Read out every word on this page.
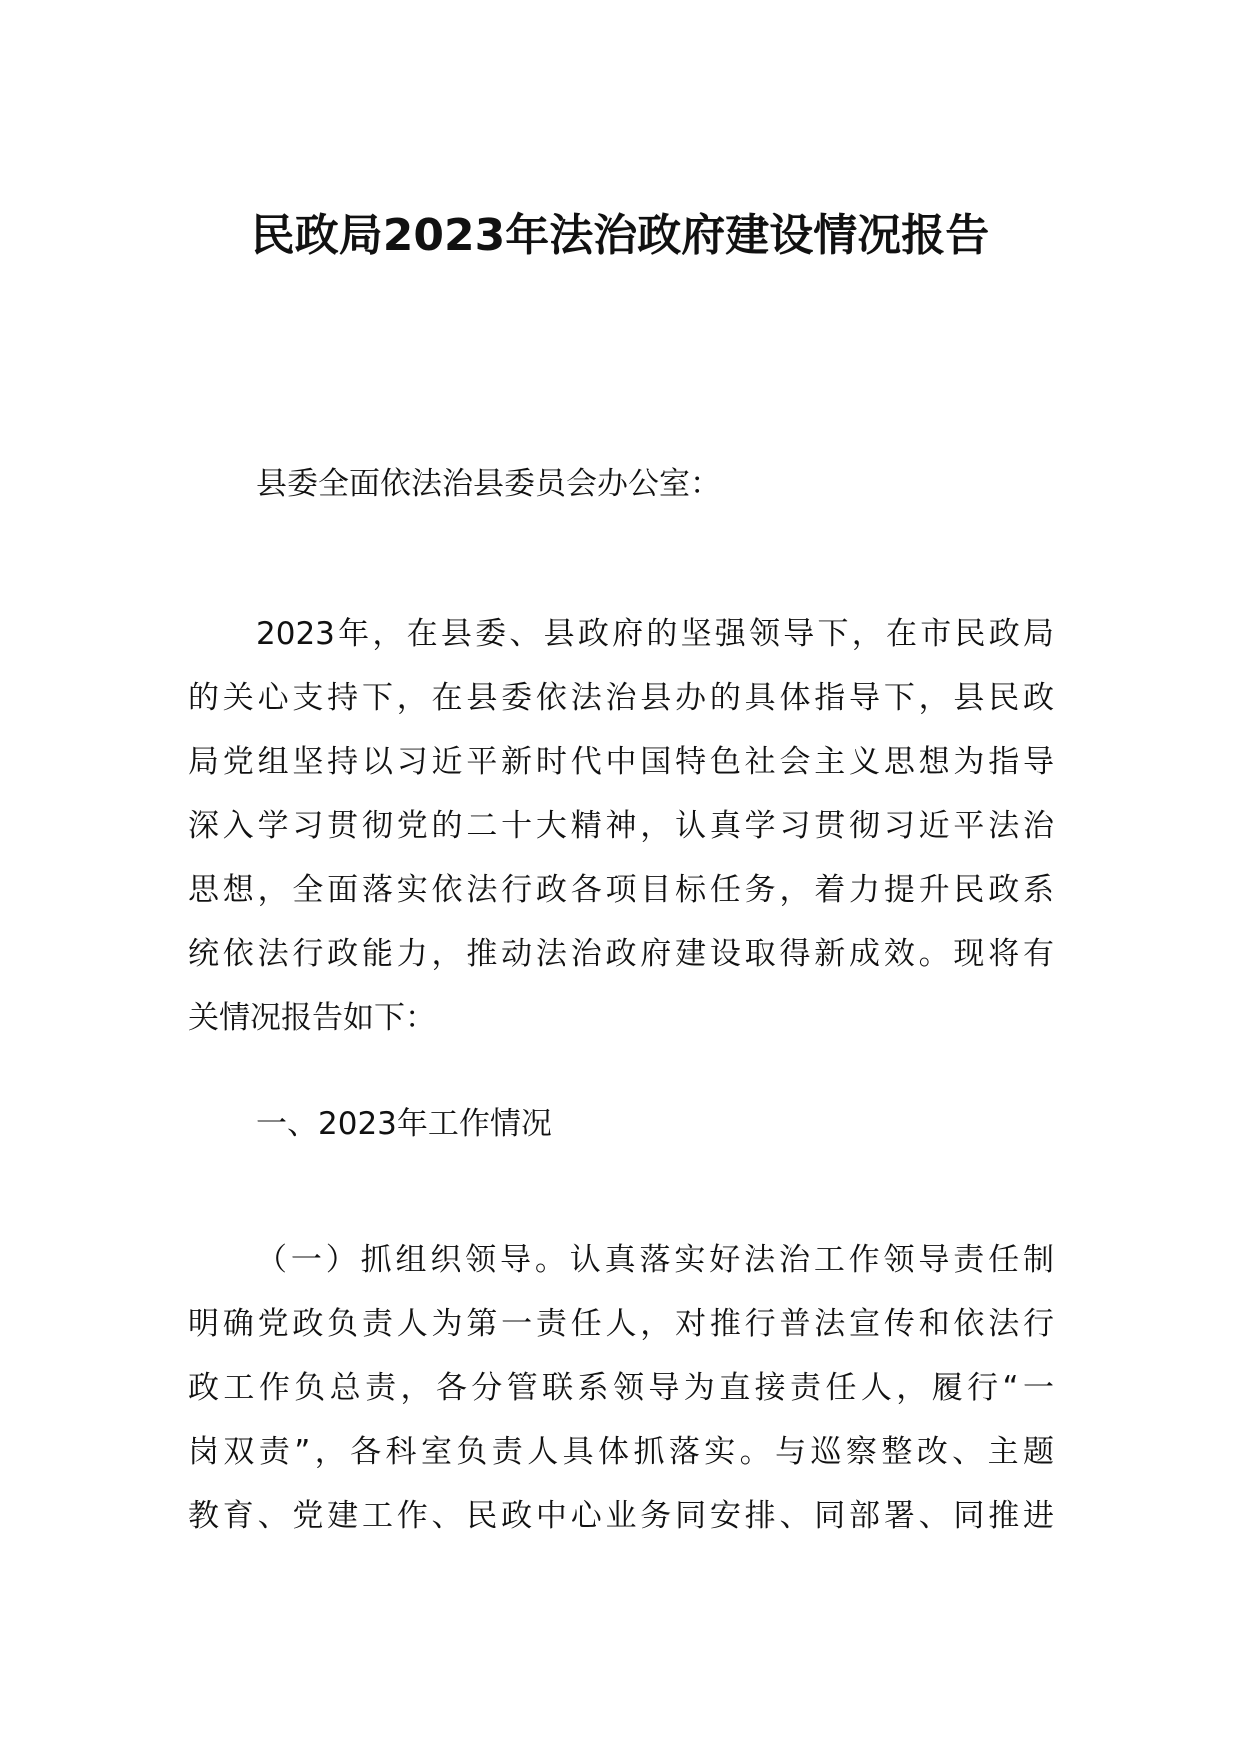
民政局2023年法治政府建设情况报告
县委全面依法治县委员会办公室：
2023年，在县委、县政府的坚强领导下，在市民政局
的关心支持下，在县委依法治县办的具体指导下，县民政
局党组坚持以习近平新时代中国特色社会主义思想为指导
深入学习贯彻党的二十大精神，认真学习贯彻习近平法治
思想，全面落实依法行政各项目标任务，着力提升民政系
统依法行政能力，推动法治政府建设取得新成效。现将有
关情况报告如下：
一、2023年工作情况
（一）抓组织领导。认真落实好法治工作领导责任制
明确党政负责人为第一责任人，对推行普法宣传和依法行
政工作负总责，各分管联系领导为直接责任人，履行“一
岗双责”，各科室负责人具体抓落实。与巡察整改、主题
教育、党建工作、民政中心业务同安排、同部署、同推进
